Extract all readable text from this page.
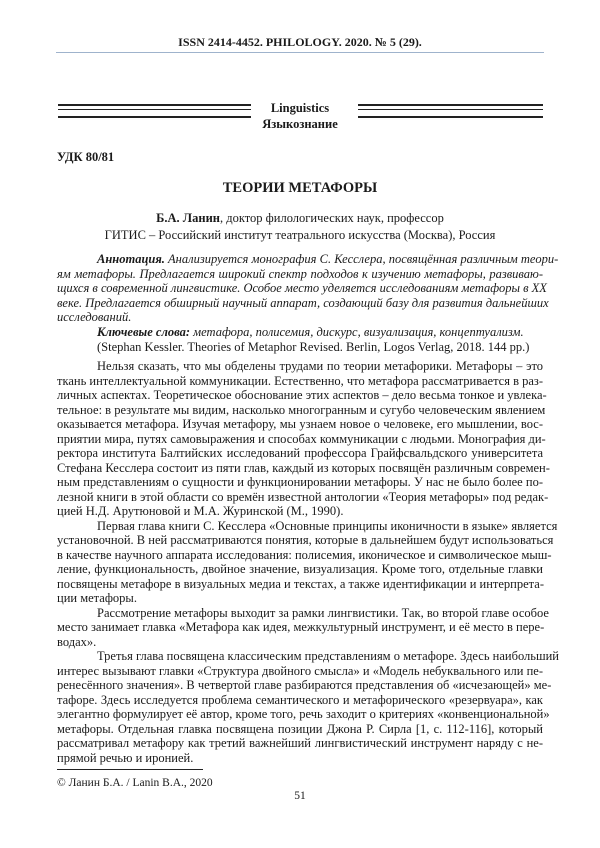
ISSN 2414-4452. PHILOLOGY. 2020. № 5 (29).
Linguistics
Языкознание
УДК 80/81
ТЕОРИИ МЕТАФОРЫ
Б.А. Ланин, доктор филологических наук, профессор
ГИТИС – Российский институт театрального искусства (Москва), Россия
Аннотация. Анализируется монография С. Кесслера, посвящённая различным теори-
ям метафоры. Предлагается широкий спектр подходов к изучению метафоры, развиваю-
щихся в современной лингвистике. Особое место уделяется исследованиям метафоры в XX
веке. Предлагается обширный научный аппарат, создающий базу для развития дальнейших
исследований.
Ключевые слова: метафора, полисемия, дискурс, визуализация, концептуализм.
(Stephan Kessler. Theories of Metaphor Revised. Berlin, Logos Verlag, 2018. 144 pp.)
Нельзя сказать, что мы обделены трудами по теории метафорики. Метафоры – это
ткань интеллектуальной коммуникации. Естественно, что метафора рассматривается в раз-
личных аспектах. Теоретическое обоснование этих аспектов – дело весьма тонкое и увлека-
тельное: в результате мы видим, насколько многогранным и сугубо человеческим явлением
оказывается метафора. Изучая метафору, мы узнаем новое о человеке, его мышлении, вос-
приятии мира, путях самовыражения и способах коммуникации с людьми. Монография ди-
ректора института Балтийских исследований профессора Грайфсвальдского университета
Стефана Кесслера состоит из пяти глав, каждый из которых посвящён различным современ-
ным представлениям о сущности и функционировании метафоры. У нас не было более по-
лезной книги в этой области со времён известной антологии «Теория метафоры» под редак-
цией Н.Д. Арутюновой и М.А. Журинской (М., 1990).
Первая глава книги С. Кесслера «Основные принципы иконичности в языке» является
установочной. В ней рассматриваются понятия, которые в дальнейшем будут использоваться
в качестве научного аппарата исследования: полисемия, иконическое и символическое мыш-
ление, функциональность, двойное значение, визуализация. Кроме того, отдельные главки
посвящены метафоре в визуальных медиа и текстах, а также идентификации и интерпрета-
ции метафоры.
Рассмотрение метафоры выходит за рамки лингвистики. Так, во второй главе особое
место занимает главка «Метафора как идея, межкультурный инструмент, и её место в пере-
водах».
Третья глава посвящена классическим представлениям о метафоре. Здесь наибольший
интерес вызывают главки «Структура двойного смысла» и «Модель небуквального или пе-
ренесённого значения». В четвертой главе разбираются представления об «исчезающей» ме-
тафоре. Здесь исследуется проблема семантического и метафорического «резервуара», как
элегантно формулирует её автор, кроме того, речь заходит о критериях «конвенциональной»
метафоры. Отдельная главка посвящена позиции Джона Р. Сирла [1, с. 112-116], который
рассматривал метафору как третий важнейший лингвистический инструмент наряду с не-
прямой речью и иронией.
© Ланин Б.А. / Lanin B.A., 2020
51
